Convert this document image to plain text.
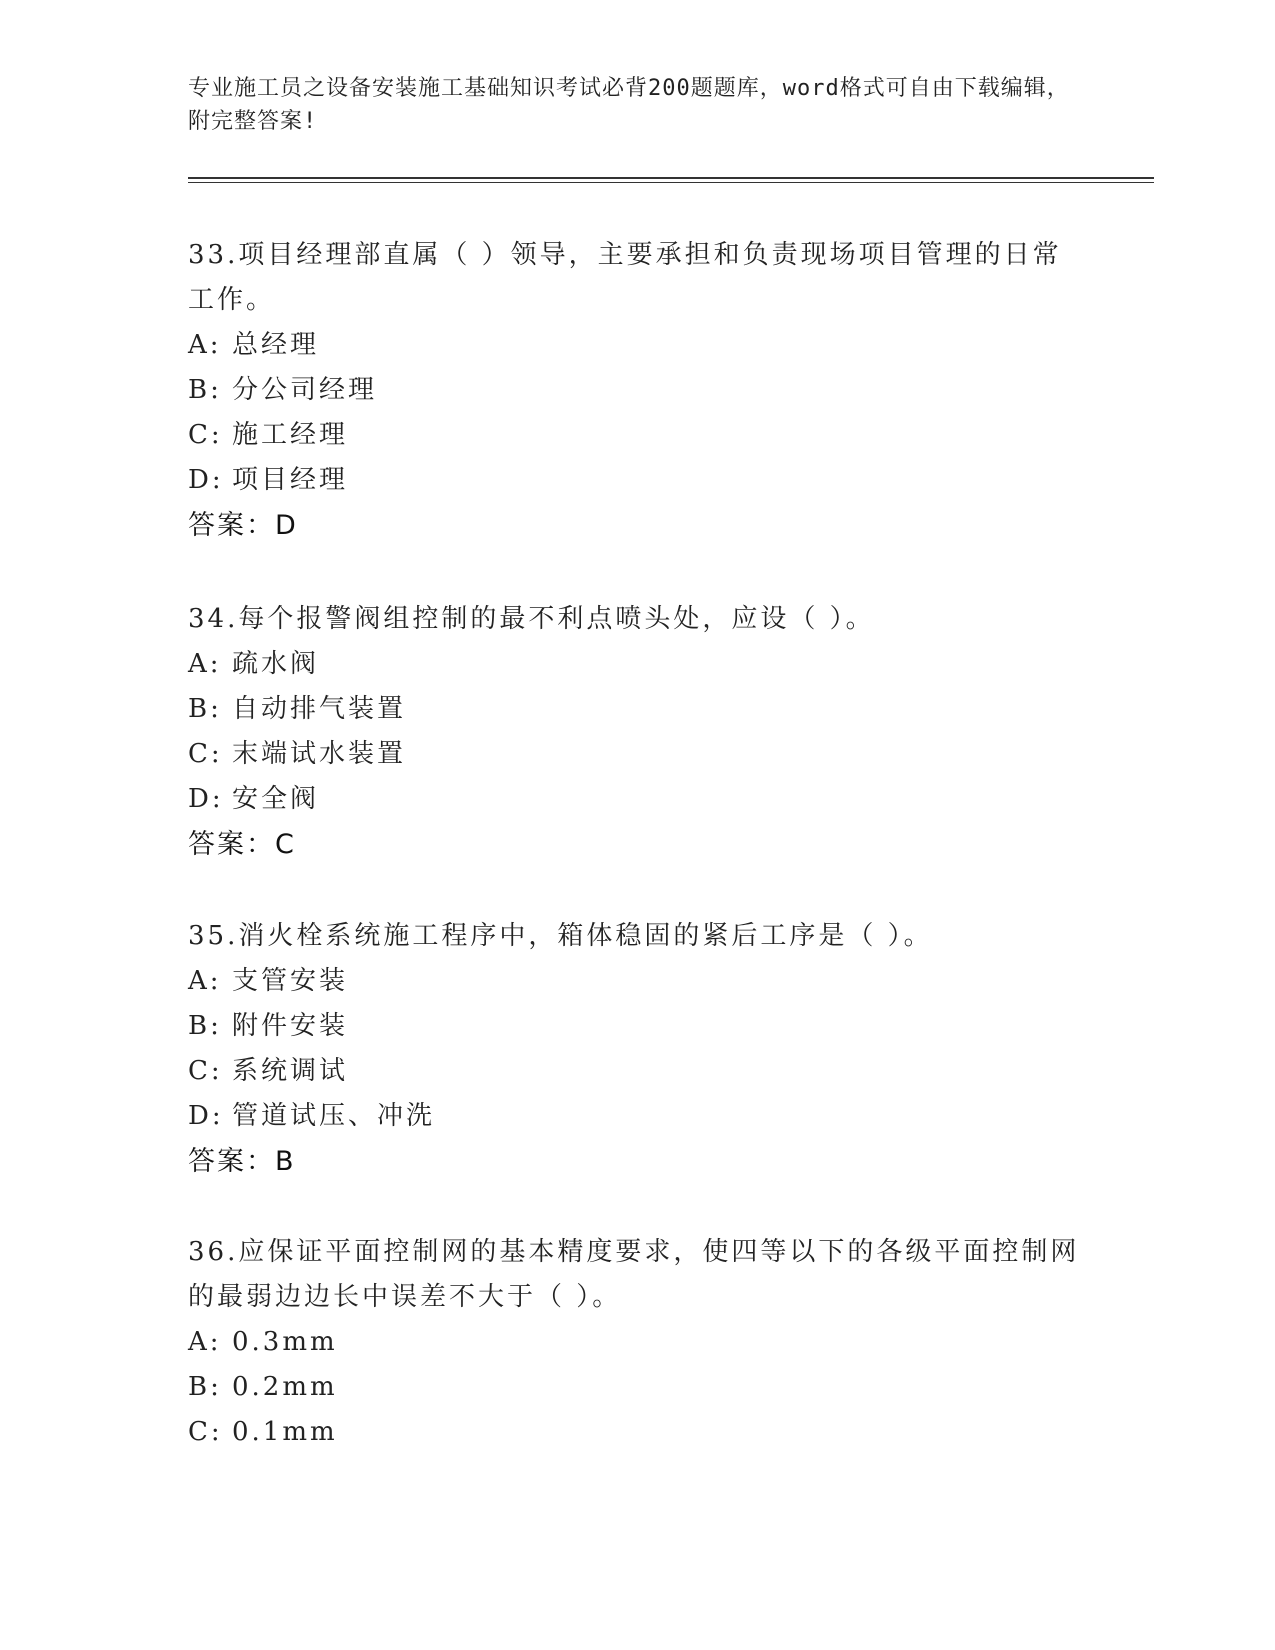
专业施工员之设备安装施工基础知识考试必背200题题库，word格式可自由下载编辑，附完整答案!

33.项目经理部直属（ ）领导，主要承担和负责现场项目管理的日常工作。

A: 总经理
B: 分公司经理
C: 施工经理
D: 项目经理
答案：D

34.每个报警阀组控制的最不利点喷头处，应设（ ）。

A: 疏水阀
B: 自动排气装置
C: 末端试水装置
D: 安全阀
答案：C

35.消火栓系统施工程序中，箱体稳固的紧后工序是（ ）。

A: 支管安装
B: 附件安装
C: 系统调试
D: 管道试压、冲洗
答案：B

36.应保证平面控制网的基本精度要求，使四等以下的各级平面控制网的最弱边边长中误差不大于（ ）。

A: 0.3mm
B: 0.2mm
C: 0.1mm
